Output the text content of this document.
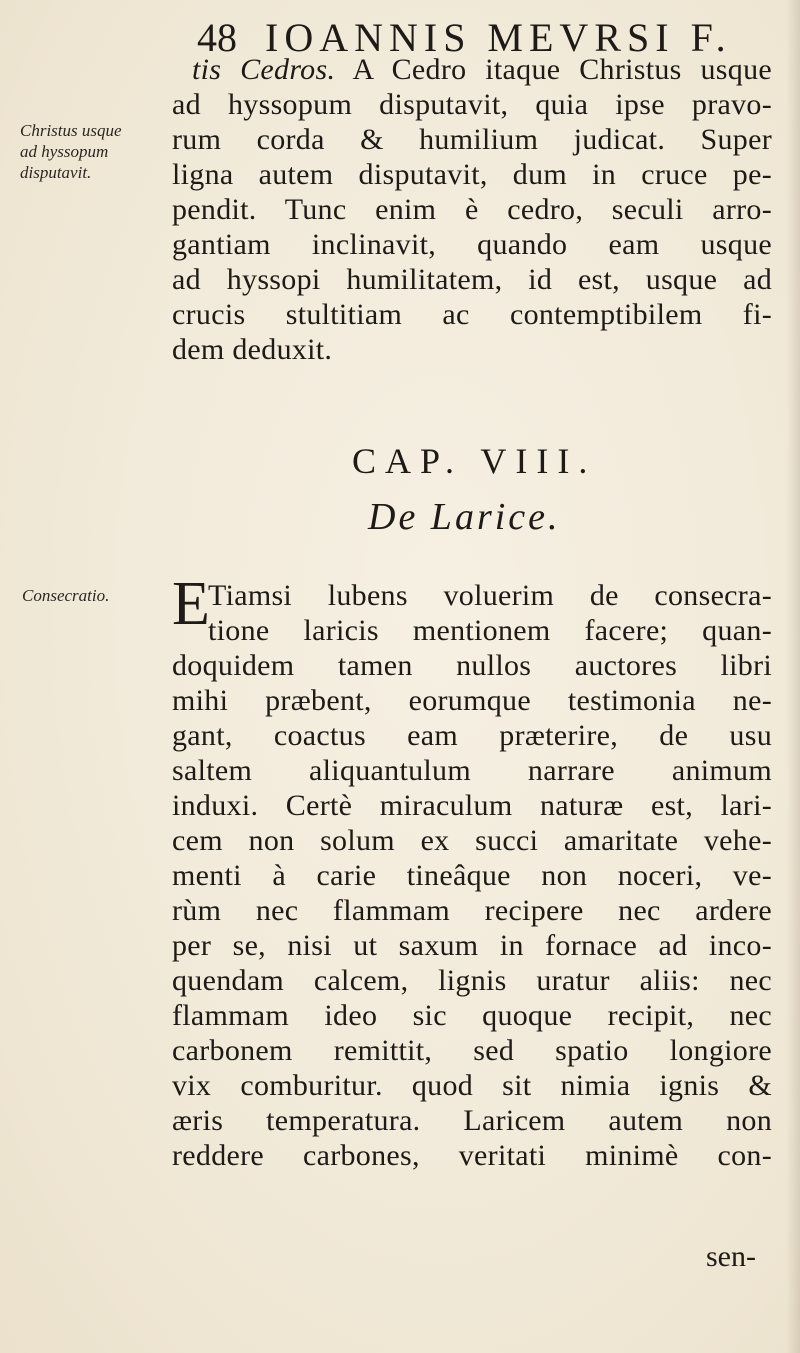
48 IOANNIS MEVRSI F.
Christus usque
ad hyssopum
disputavit.
Consecratio.
tis Cedros. A Cedro itaque Christus usque
ad hyssopum disputavit, quia ipse pravo-
rum corda & humilium judicat. Super
ligna autem disputavit, dum in cruce pe-
pendit. Tunc enim è cedro, seculi arro-
gantiam inclinavit, quando eam usque
ad hyssopi humilitatem, id est, usque ad
crucis stultitiam ac contemptibilem fi-
dem deduxit.
CAP. VIII.
De Larice.
E
Tiamsi lubens voluerim de consecra-
tione laricis mentionem facere; quan-
doquidem tamen nullos auctores libri
mihi præbent, eorumque testimonia ne-
gant, coactus eam præterire, de usu
saltem aliquantulum narrare animum
induxi. Certè miraculum naturæ est, lari-
cem non solum ex succi amaritate vehe-
menti à carie tineâque non noceri, ve-
rùm nec flammam recipere nec ardere
per se, nisi ut saxum in fornace ad inco-
quendam calcem, lignis uratur aliis: nec
flammam ideo sic quoque recipit, nec
carbonem remittit, sed spatio longiore
vix comburitur. quod sit nimia ignis &
æris temperatura. Laricem autem non
reddere carbones, veritati minimè con-
sen-
